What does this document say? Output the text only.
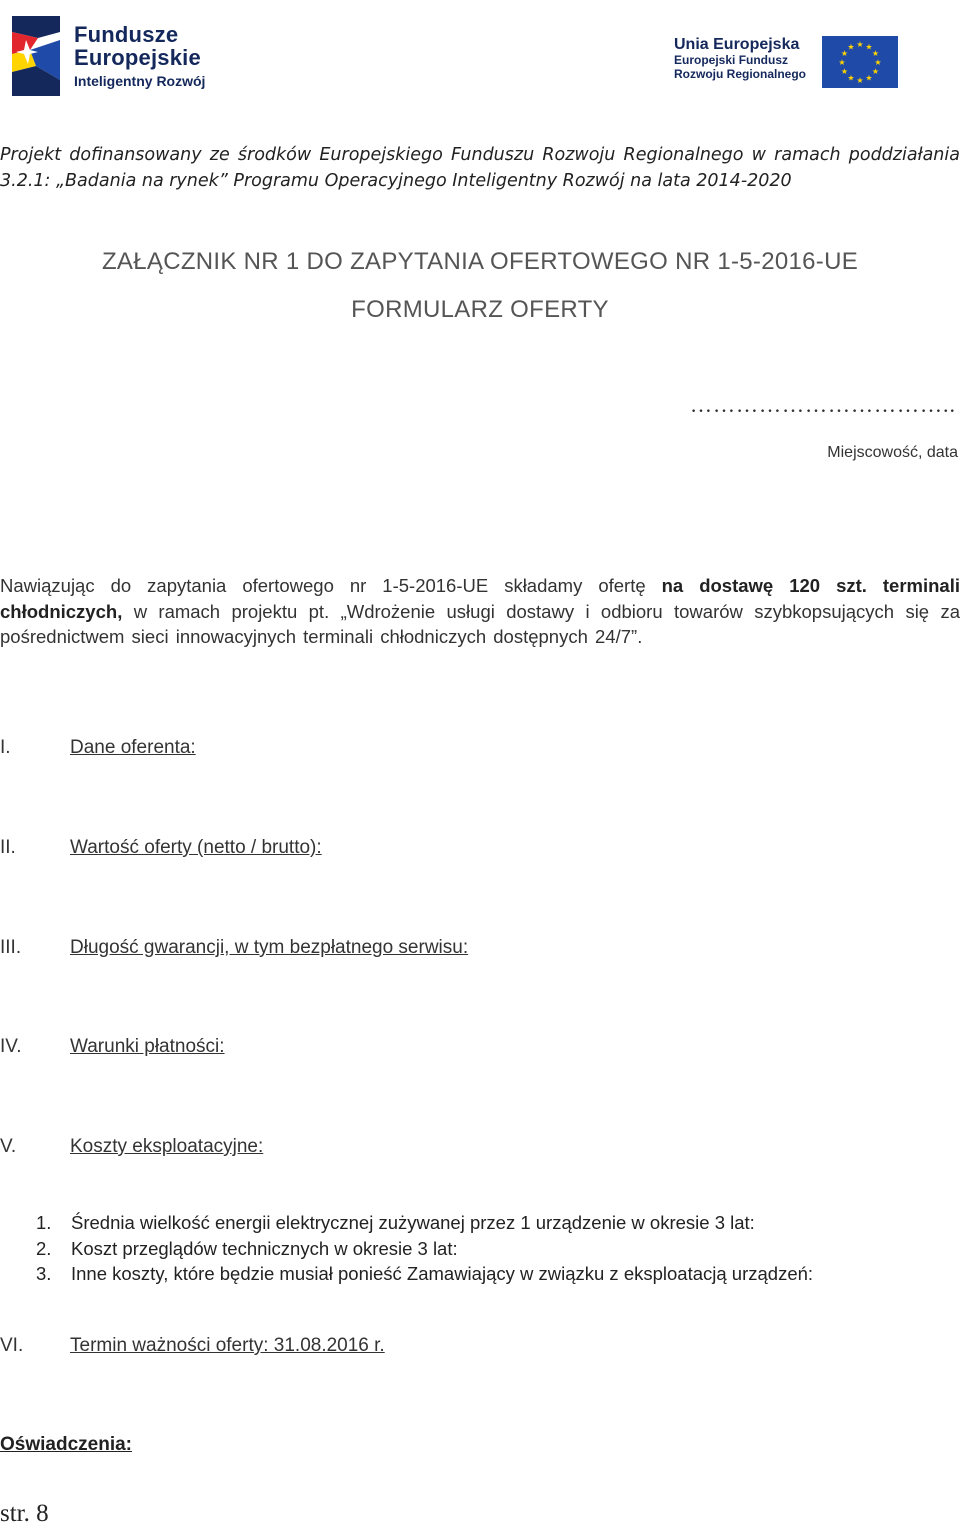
Fundusze
Europejskie
Inteligentny Rozwój
Unia Europejska
Europejski Fundusz
Rozwoju Regionalnego
★ ★
★
★
★
★
★
★
★
★
★
★
Projekt dofinansowany ze środków Europejskiego Funduszu Rozwoju Regionalnego w ramach poddziałania 3.2.1: „Badania na rynek” Programu Operacyjnego Inteligentny Rozwój na lata 2014-2020
ZAŁĄCZNIK NR 1 DO ZAPYTANIA OFERTOWEGO NR 1-5-2016-UE
FORMULARZ OFERTY
……………………………..
Miejscowość, data
Nawiązując do zapytania ofertowego nr 1-5-2016-UE składamy ofertę na dostawę 120 szt. terminali chłodniczych, w ramach projektu pt. „Wdrożenie usługi dostawy i odbioru towarów szybkopsujących się za pośrednictwem sieci innowacyjnych terminali chłodniczych dostępnych 24/7”.
I.	Dane oferenta:
II.	Wartość oferty (netto / brutto):
III.	Długość gwarancji, w tym bezpłatnego serwisu:
IV.	Warunki płatności:
V.	Koszty eksploatacyjne:
1.	Średnia wielkość energii elektrycznej zużywanej przez 1 urządzenie w okresie 3 lat:
2.	Koszt przeglądów technicznych w okresie 3 lat:
3.	Inne koszty, które będzie musiał ponieść Zamawiający w związku z eksploatacją urządzeń:
VI. Termin ważności oferty: 31.08.2016 r.
Oświadczenia:
str. 8
